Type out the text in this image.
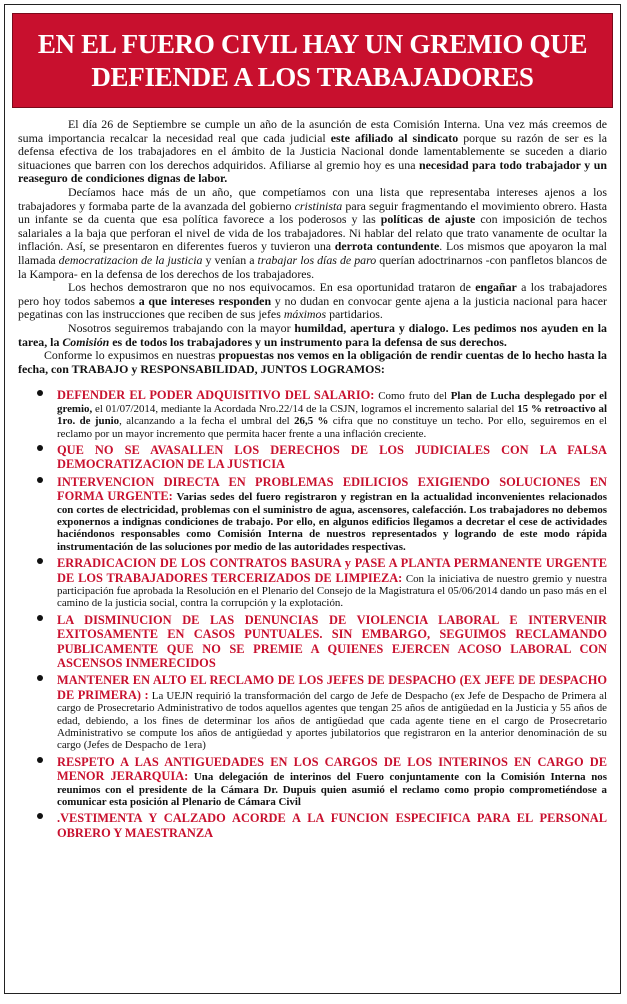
EN EL FUERO CIVIL HAY UN GREMIO QUE
DEFIENDE A LOS TRABAJADORES

El día 26 de Septiembre se cumple un año de la asunción de esta Comisión Interna. Una vez más creemos de suma importancia recalcar la necesidad real que cada judicial este afiliado al sindicato porque su razón de ser es la defensa efectiva de los trabajadores en el ámbito de la Justicia Nacional donde lamentablemente se suceden a diario situaciones que barren con los derechos adquiridos. Afiliarse al gremio hoy es una necesidad para todo trabajador y un reaseguro de condiciones dignas de labor.

Decíamos hace más de un año, que competíamos con una lista que representaba intereses ajenos a los trabajadores y formaba parte de la avanzada del gobierno cristinista para seguir fragmentando el movimiento obrero. Hasta un infante se da cuenta que esa política favorece a los poderosos y las políticas de ajuste con imposición de techos salariales a la baja que perforan el nivel de vida de los trabajadores. Ni hablar del relato que trato vanamente de ocultar la inflación. Así, se presentaron en diferentes fueros y tuvieron una derrota contundente. Los mismos que apoyaron la mal llamada democratizacion de la justicia y venían a trabajar los días de paro querían adoctrinarnos -con panfletos blancos de la Kampora- en la defensa de los derechos de los trabajadores.

Los hechos demostraron que no nos equivocamos. En esa oportunidad trataron de engañar a los trabajadores pero hoy todos sabemos a que intereses responden y no dudan en convocar gente ajena a la justicia nacional para hacer pegatinas con las instrucciones que reciben de sus jefes máximos partidarios.

Nosotros seguiremos trabajando con la mayor humildad, apertura y dialogo. Les pedimos nos ayuden en la tarea, la Comisión es de todos los trabajadores y un instrumento para la defensa de sus derechos.

Conforme lo expusimos en nuestras propuestas nos vemos en la obligación de rendir cuentas de lo hecho hasta la fecha, con TRABAJO y RESPONSABILIDAD, JUNTOS LOGRAMOS:

DEFENDER EL PODER ADQUISITIVO DEL SALARIO: Como fruto del Plan de Lucha desplegado por el gremio, el 01/07/2014, mediante la Acordada Nro.22/14 de la CSJN, logramos el incremento salarial del 15 % retroactivo al 1ro. de junio, alcanzando a la fecha el umbral del 26,5 % cifra que no constituye un techo. Por ello, seguiremos en el reclamo por un mayor incremento que permita hacer frente a una inflación creciente.
QUE NO SE AVASALLEN LOS DERECHOS DE LOS JUDICIALES CON LA FALSA DEMOCRATIZACION DE LA JUSTICIA
INTERVENCION DIRECTA EN PROBLEMAS EDILICIOS EXIGIENDO SOLUCIONES EN FORMA URGENTE: Varias sedes del fuero registraron y registran en la actualidad inconvenientes relacionados con cortes de electricidad, problemas con el suministro de agua, ascensores, calefacción. Los trabajadores no debemos exponernos a indignas condiciones de trabajo. Por ello, en algunos edificios llegamos a decretar el cese de actividades haciéndonos responsables como Comisión Interna de nuestros representados y logrando de este modo rápida instrumentación de las soluciones por medio de las autoridades respectivas.
ERRADICACION DE LOS CONTRATOS BASURA y PASE A PLANTA PERMANENTE URGENTE DE LOS TRABAJADORES TERCERIZADOS DE LIMPIEZA: Con la iniciativa de nuestro gremio y nuestra participación fue aprobada la Resolución en el Plenario del Consejo de la Magistratura el 05/06/2014 dando un paso más en el camino de la justicia social, contra la corrupción y la explotación.
LA DISMINUCION DE LAS DENUNCIAS DE VIOLENCIA LABORAL E INTERVENIR EXITOSAMENTE EN CASOS PUNTUALES. SIN EMBARGO, SEGUIMOS RECLAMANDO PUBLICAMENTE QUE NO SE PREMIE A QUIENES EJERCEN ACOSO LABORAL CON ASCENSOS INMERECIDOS
MANTENER EN ALTO EL RECLAMO DE LOS JEFES DE DESPACHO (EX JEFE DE DESPACHO DE PRIMERA) : La UEJN requirió la transformación del cargo de Jefe de Despacho (ex Jefe de Despacho de Primera al cargo de Prosecretario Administrativo de todos aquellos agentes que tengan 25 años de antigüedad en la Justicia y 55 años de edad, debiendo, a los fines de determinar los años de antigüedad que cada agente tiene en el cargo de Prosecretario Administrativo se compute los años de antigüedad y aportes jubilatorios que registraron en la anterior denominación de su cargo (Jefes de Despacho de 1era)
RESPETO A LAS ANTIGUEDADES EN LOS CARGOS DE LOS INTERINOS EN CARGO DE MENOR JERARQUIA: Una delegación de interinos del Fuero conjuntamente con la Comisión Interna nos reunimos con el presidente de la Cámara Dr. Dupuis quien asumió el reclamo como propio comprometiéndose a comunicar esta posición al Plenario de Cámara Civil
.VESTIMENTA Y CALZADO ACORDE A LA FUNCION ESPECIFICA PARA EL PERSONAL OBRERO Y MAESTRANZA
